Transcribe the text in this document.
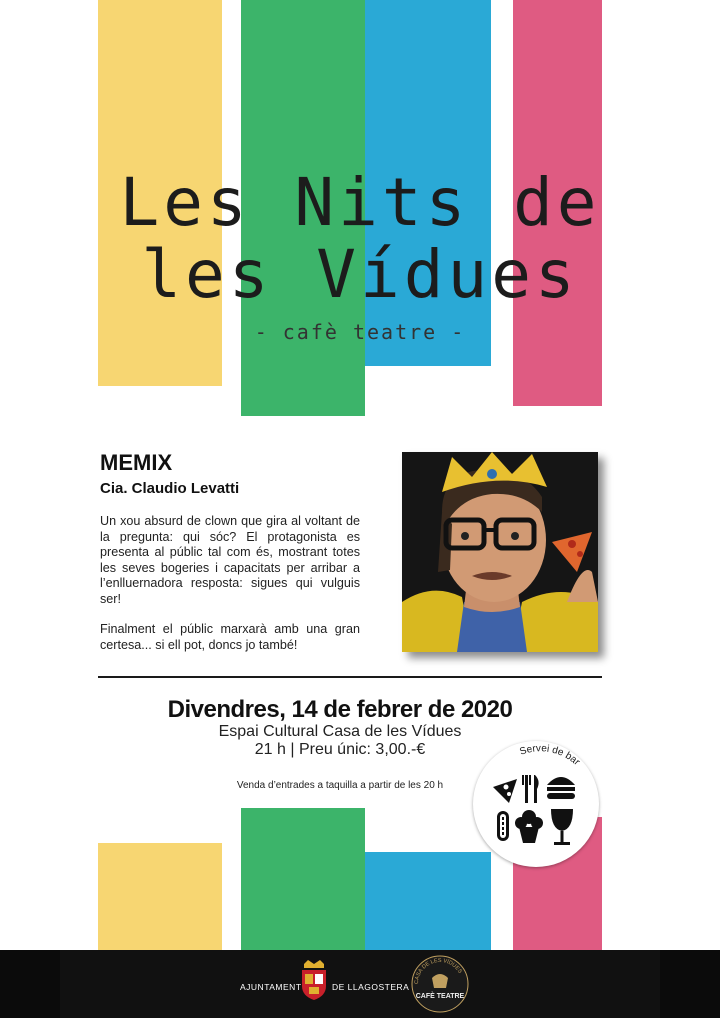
Les Nits de
les Vídues
- cafè teatre -
MEMIX
Cia. Claudio Levatti

Un xou absurd de clown que gira al voltant de la pregunta: qui sóc? El protagonista es presenta al públic tal com és, mostrant totes les seves bogeries i capacitats per arribar a l’enlluernadora resposta: sigues qui vulguis ser!

Finalment el públic marxarà amb una gran certesa... si ell pot, doncs jo també!

Divendres, 14 de febrer de 2020
Espai Cultural Casa de les Vídues
21 h | Preu únic: 3,00.-€
Venda d’entrades a taquilla a partir de les 20 h
Servei de bar
AJUNTAMENT	DE LLAGOSTERA CASA DE LES VÍDUES
CAFÈ TEATRE
